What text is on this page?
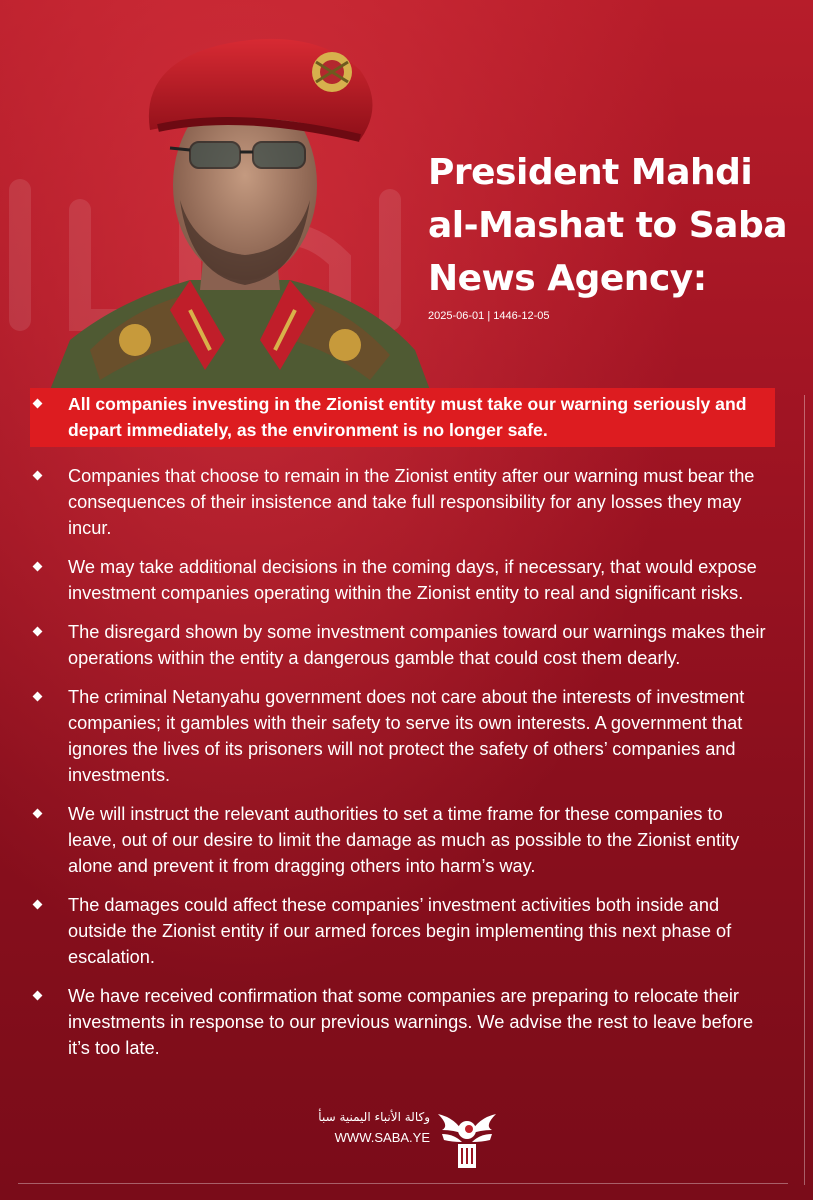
President Mahdi
al-Mashat to Saba
News Agency:
2025-06-01 | 1446-12-05
All companies investing in the Zionist entity must take our warning seriously and depart immediately, as the environment is no longer safe.
Companies that choose to remain in the Zionist entity after our warning must bear the consequences of their insistence and take full responsibility for any losses they may incur.
We may take additional decisions in the coming days, if necessary, that would expose investment companies operating within the Zionist entity to real and significant risks.
The disregard shown by some investment companies toward our warnings makes their operations within the entity a dangerous gamble that could cost them dearly.
The criminal Netanyahu government does not care about the interests of investment companies; it gambles with their safety to serve its own interests. A government that ignores the lives of its prisoners will not protect the safety of others’ companies and investments.
We will instruct the relevant authorities to set a time frame for these companies to leave, out of our desire to limit the damage as much as possible to the Zionist entity alone and prevent it from dragging others into harm’s way.
The damages could affect these companies’ investment activities both inside and outside the Zionist entity if our armed forces begin implementing this next phase of escalation.
We have received confirmation that some companies are preparing to relocate their investments in response to our previous warnings. We advise the rest to leave before it’s too late.
وكالة الأنباء اليمنية سبأ
WWW.SABA.YE
